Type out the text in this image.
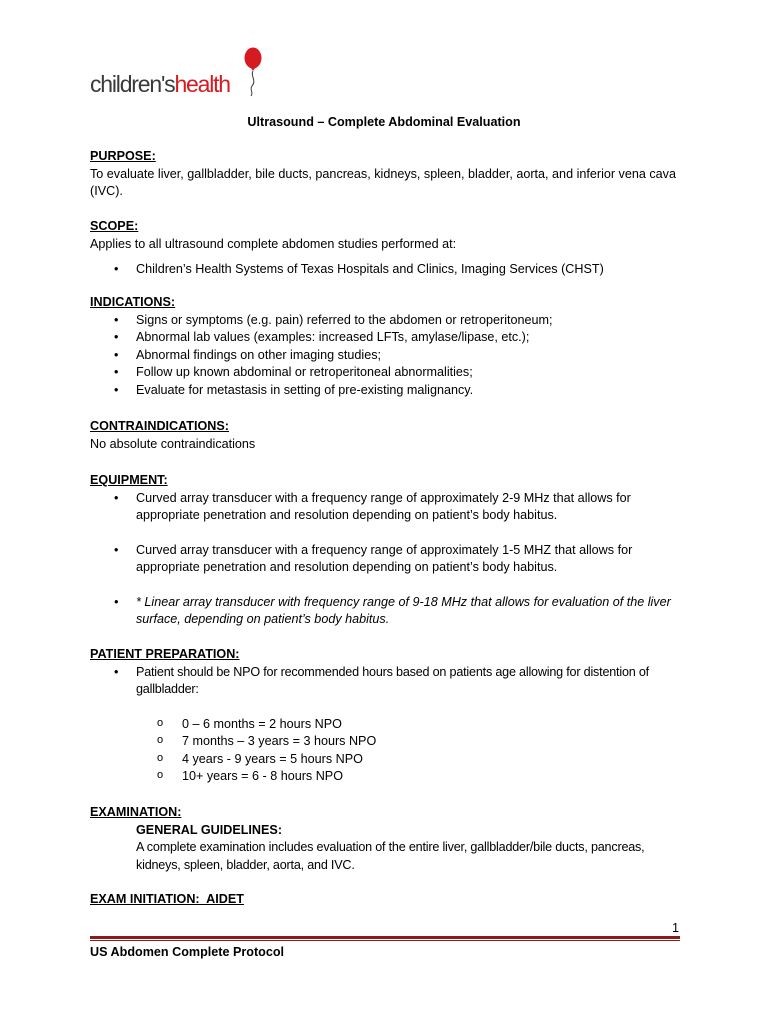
children'shealth
Ultrasound – Complete Abdominal Evaluation
PURPOSE:
To evaluate liver, gallbladder, bile ducts, pancreas, kidneys, spleen, bladder, aorta, and inferior vena cava (IVC).
SCOPE:
Applies to all ultrasound complete abdomen studies performed at:
• Children’s Health Systems of Texas Hospitals and Clinics, Imaging Services (CHST)
INDICATIONS:
• Signs or symptoms (e.g. pain) referred to the abdomen or retroperitoneum;
• Abnormal lab values (examples: increased LFTs, amylase/lipase, etc.);
• Abnormal findings on other imaging studies;
• Follow up known abdominal or retroperitoneal abnormalities;
• Evaluate for metastasis in setting of pre-existing malignancy.
CONTRAINDICATIONS:
No absolute contraindications
EQUIPMENT:
• Curved array transducer with a frequency range of approximately 2-9 MHz that allows for appropriate penetration and resolution depending on patient’s body habitus.
• Curved array transducer with a frequency range of approximately 1-5 MHZ that allows for appropriate penetration and resolution depending on patient’s body habitus.
• * Linear array transducer with frequency range of 9-18 MHz that allows for evaluation of the liver surface, depending on patient’s body habitus.
PATIENT PREPARATION:
• Patient should be NPO for recommended hours based on patients age allowing for distention of gallbladder:
o 0 – 6 months = 2 hours NPO
o 7 months – 3 years = 3 hours NPO
o 4 years - 9 years = 5 hours NPO
o 10+ years = 6 - 8 hours NPO
EXAMINATION:
GENERAL GUIDELINES:
A complete examination includes evaluation of the entire liver, gallbladder/bile ducts, pancreas, kidneys, spleen, bladder, aorta, and IVC.
EXAM INITIATION:  AIDET
1
US Abdomen Complete Protocol
